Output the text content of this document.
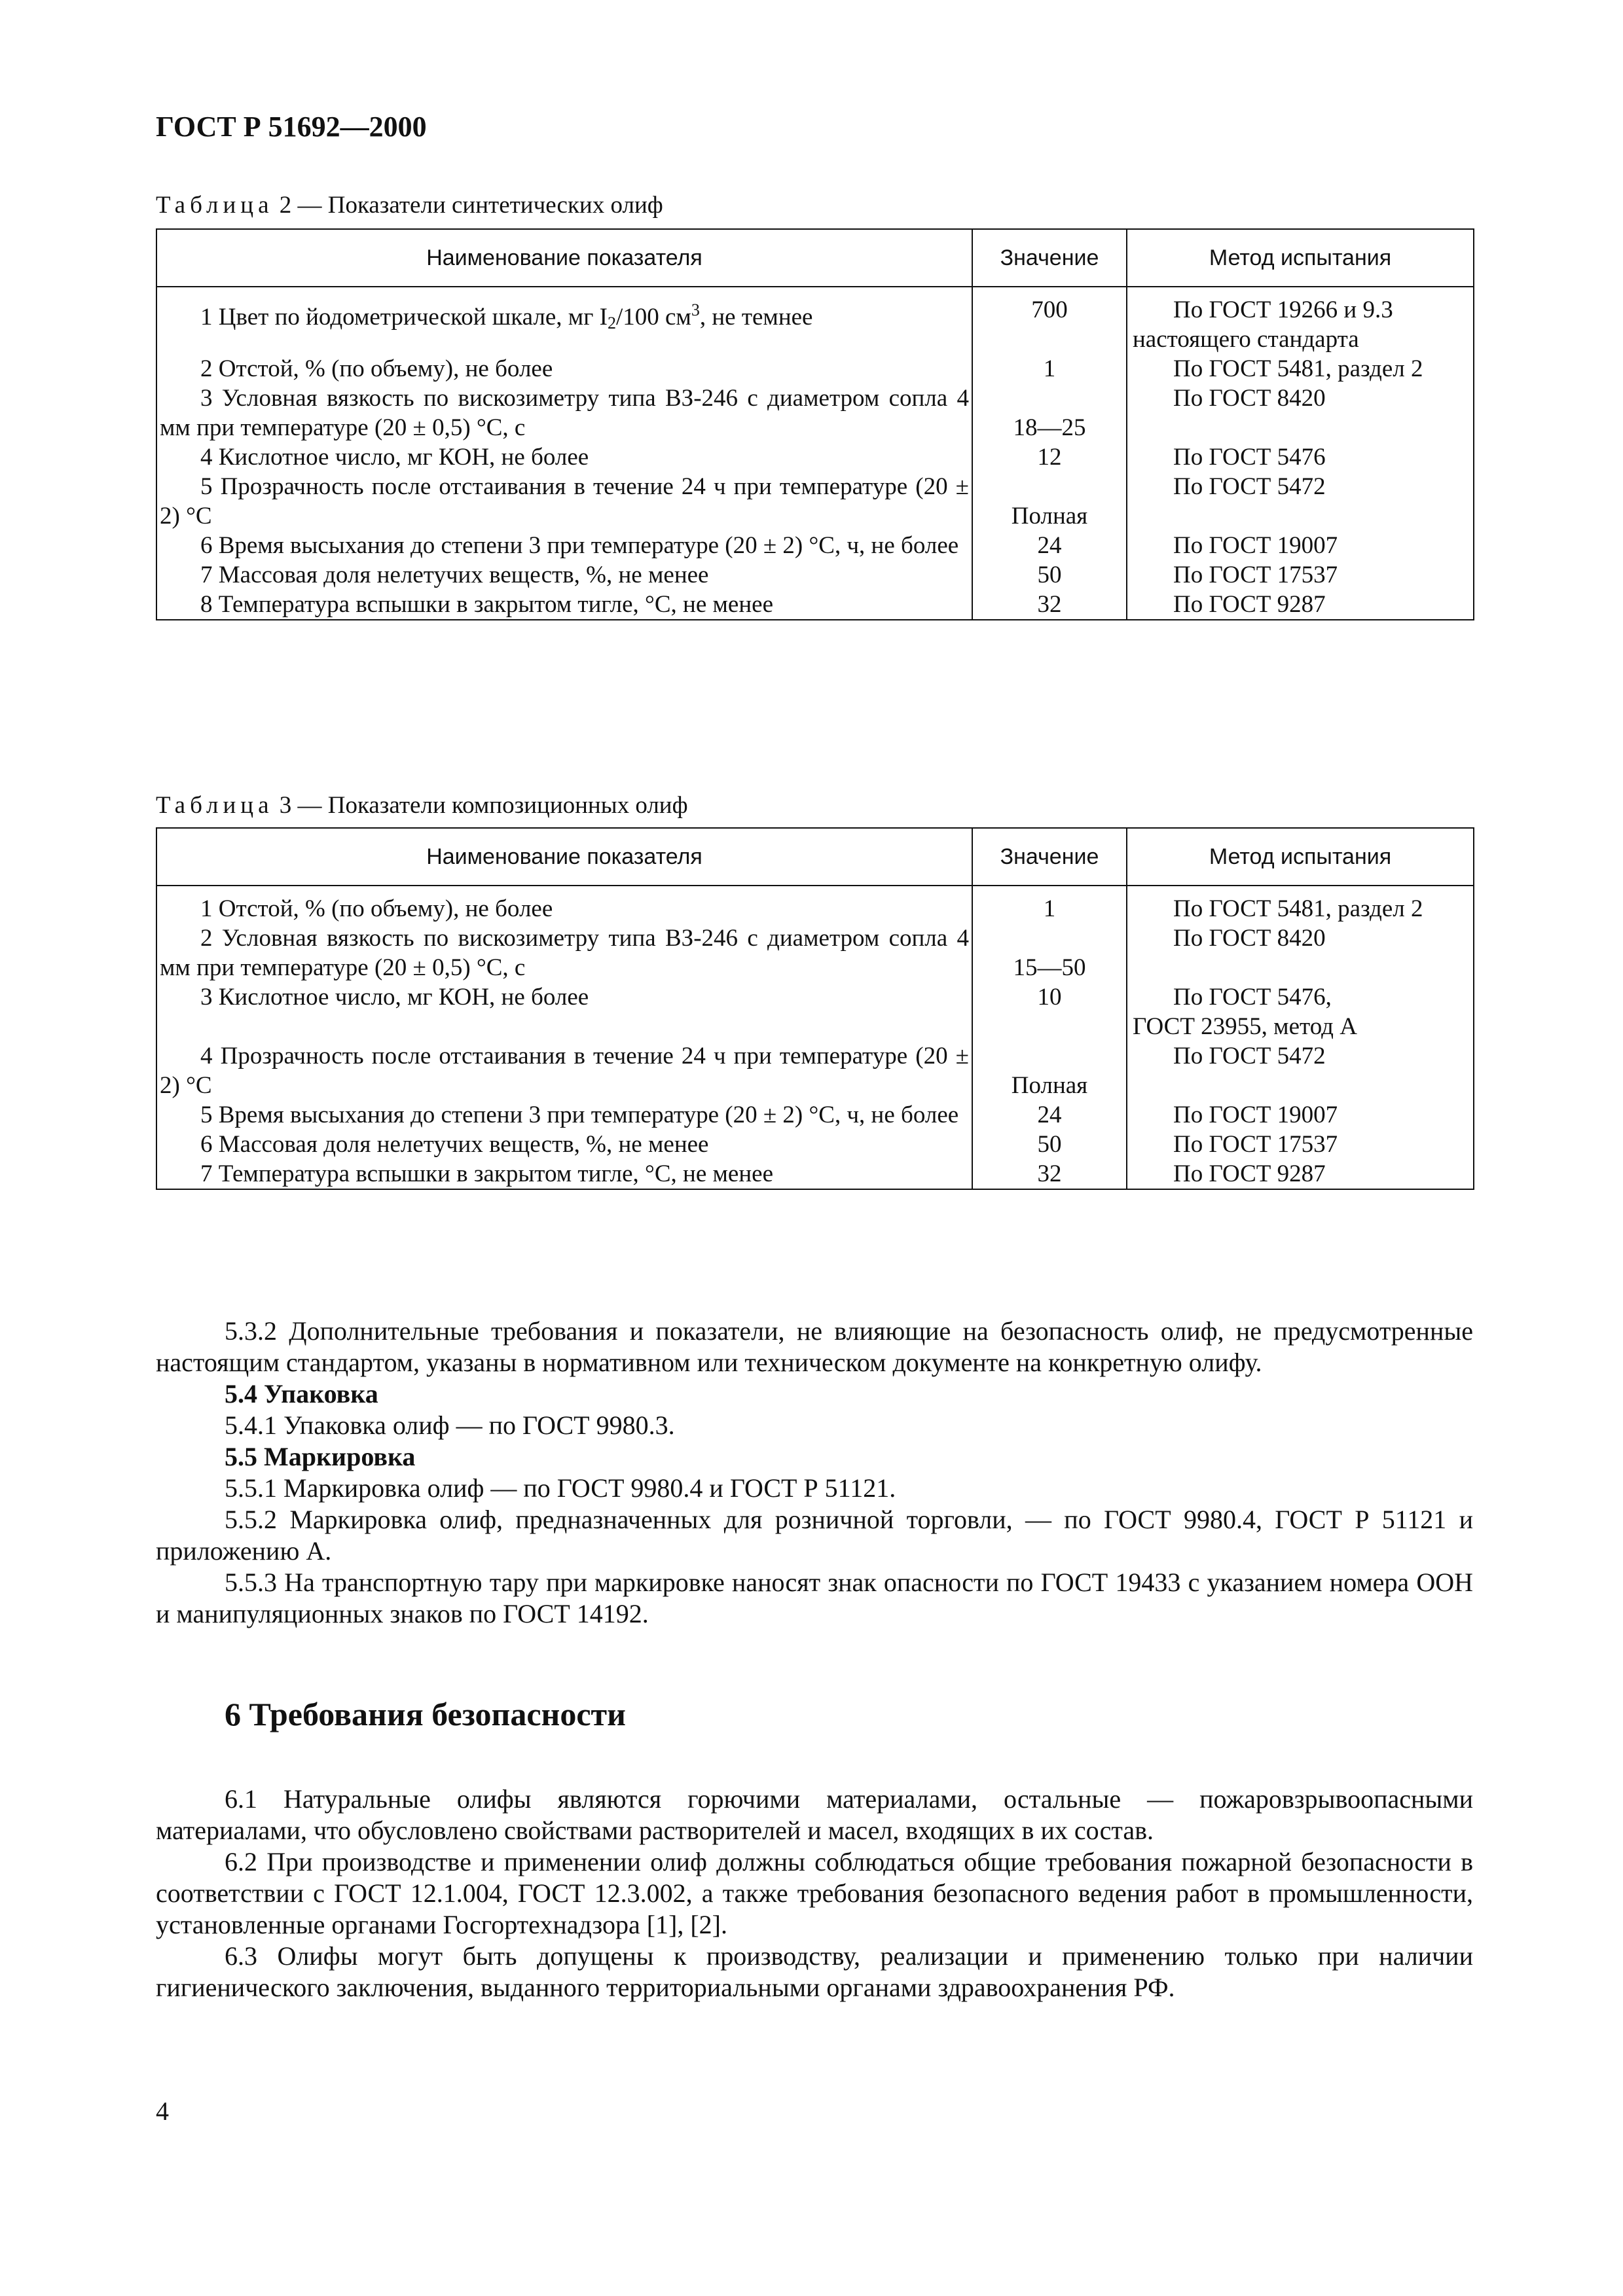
ГОСТ Р 51692—2000
Таблица 2 — Показатели синтетических олиф
Наименование показателя	Значение	Метод испытания
1 Цвет по йодометрической шкале, мг $I_2/100$ $см^3$, не темнее	700	По ГОСТ 19266 и 9.3 настоящего стандарта
2 Отстой, % (по объему), не более	1	По ГОСТ 5481, раздел 2
3 Условная вязкость по вискозиметру типа ВЗ-246 с диаметром сопла 4 мм при температуре (20 ± 0,5) °С, с	18—25	По ГОСТ 8420
4 Кислотное число, мг КОН, не более	12	По ГОСТ 5476
5 Прозрачность после отстаивания в течение 24 ч при температуре (20 ± 2) °С	Полная	По ГОСТ 5472
6 Время высыхания до степени 3 при температуре (20 ± 2) °С, ч, не более	24	По ГОСТ 19007
7 Массовая доля нелетучих веществ, %, не менее	50	По ГОСТ 17537
8 Температура вспышки в закрытом тигле, °С, не менее	32	По ГОСТ 9287
Таблица 3 — Показатели композиционных олиф
Наименование показателя	Значение	Метод испытания
1 Отстой, % (по объему), не более	1	По ГОСТ 5481, раздел 2
2 Условная вязкость по вискозиметру типа ВЗ-246 с диаметром сопла 4 мм при температуре (20 ± 0,5) °С, с	15—50	По ГОСТ 8420
3 Кислотное число, мг КОН, не более	10	По ГОСТ 5476,
ГОСТ 23955, метод А
4 Прозрачность после отстаивания в течение 24 ч при температуре (20 ± 2) °С	Полная	По ГОСТ 5472
5 Время высыхания до степени 3 при температуре (20 ± 2) °С, ч, не более	24	По ГОСТ 19007
6 Массовая доля нелетучих веществ, %, не менее	50	По ГОСТ 17537
7 Температура вспышки в закрытом тигле, °С, не менее	32	По ГОСТ 9287

5.3.2 Дополнительные требования и показатели, не влияющие на безопасность олиф, не предусмотренные настоящим стандартом, указаны в нормативном или техническом документе на конкретную олифу.

5.4 Упаковка

5.4.1 Упаковка олиф — по ГОСТ 9980.3.

5.5 Маркировка

5.5.1 Маркировка олиф — по ГОСТ 9980.4 и ГОСТ Р 51121.

5.5.2 Маркировка олиф, предназначенных для розничной торговли, — по ГОСТ 9980.4, ГОСТ Р 51121 и приложению А.

5.5.3 На транспортную тару при маркировке наносят знак опасности по ГОСТ 19433 с указанием номера ООН и манипуляционных знаков по ГОСТ 14192.

6 Требования безопасности

6.1 Натуральные олифы являются горючими материалами, остальные — пожаровзрывоопасными материалами, что обусловлено свойствами растворителей и масел, входящих в их состав.

6.2 При производстве и применении олиф должны соблюдаться общие требования пожарной безопасности в соответствии с ГОСТ 12.1.004, ГОСТ 12.3.002, а также требования безопасного ведения работ в промышленности, установленные органами Госгортехнадзора [1], [2].

6.3 Олифы могут быть допущены к производству, реализации и применению только при наличии гигиенического заключения, выданного территориальными органами здравоохранения РФ.

4
